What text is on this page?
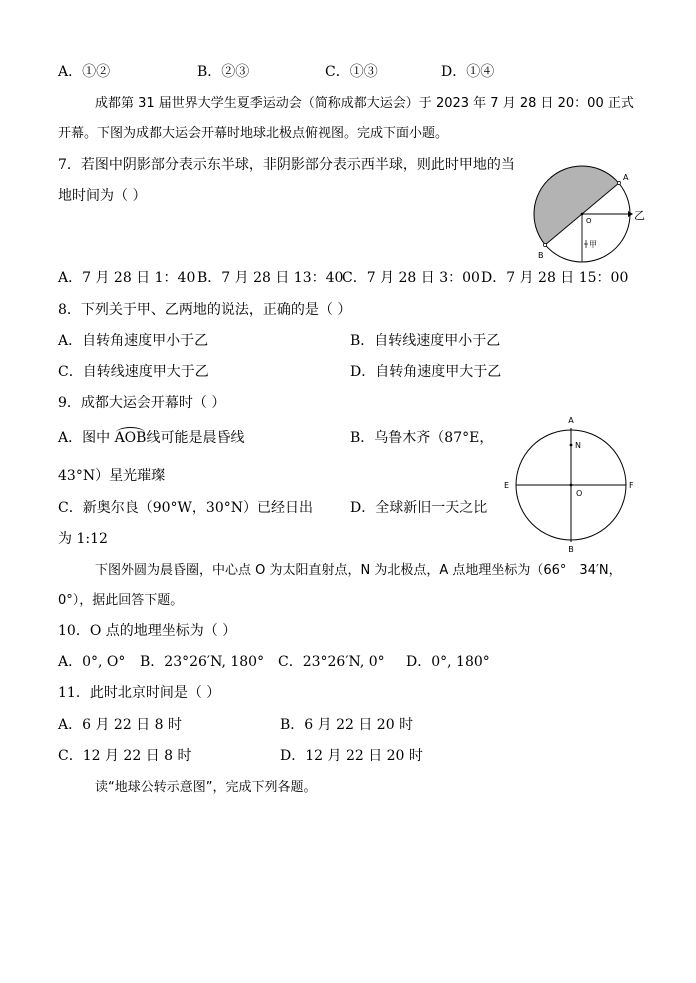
A．①②	B．②③	C．①③	D．①④
成都第 31 届世界大学生夏季运动会（简称成都大运会）于 2023 年 7 月 28 日 20：00 正式
开幕。下图为成都大运会开幕时地球北极点俯视图。完成下面小题。
7．若图中阴影部分表示东半球，非阴影部分表示西半球，则此时甲地的当
地时间为（ ）
A
B
O	乙
甲
A．7 月 28 日 1：40 B．7 月 28 日 13：40
C．7 月 28 日 3：00 D．7 月 28 日 15：00
8．下列关于甲、乙两地的说法，正确的是（ ）
A．自转角速度甲小于乙	B．自转线速度甲小于乙
C．自转线速度甲大于乙	D．自转角速度甲大于乙
9．成都大运会开幕时（ ）
A．图中 AOB线可能是晨昏线	B．乌鲁木齐（87°E，
43°N）星光璀璨
C．新奥尔良（90°W，30°N）已经日出	D．全球新旧一天之比
为 1:12
A
N
E
O
F
B
下图外圆为晨昏圈，中心点 O 为太阳直射点，N 为北极点，A 点地理坐标为（66°　34′N，
0°），据此回答下题。
10．O 点的地理坐标为（ ）
A．0°, O° B．23°26′N, 180° C．23°26′N, 0° D．0°, 180°
11．此时北京时间是（ ）
A．6 月 22 日 8 时	B．6 月 22 日 20 时
C．12 月 22 日 8 时	D．12 月 22 日 20 时
读“地球公转示意图”，完成下列各题。
